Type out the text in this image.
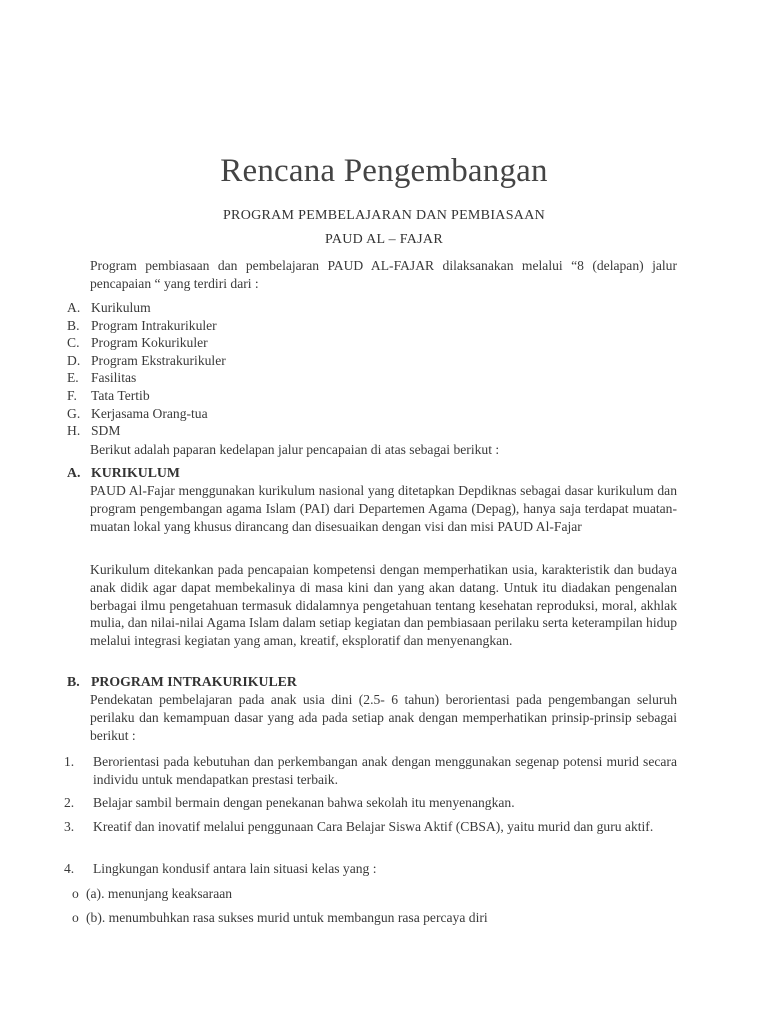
Rencana Pengembangan
PROGRAM PEMBELAJARAN DAN PEMBIASAAN
PAUD AL – FAJAR
Program pembiasaan dan pembelajaran PAUD AL-FAJAR dilaksanakan melalui “8 (delapan) jalur pencapaian “ yang terdiri dari :
A. Kurikulum
B. Program Intrakurikuler
C. Program Kokurikuler
D. Program Ekstrakurikuler
E. Fasilitas
F. Tata Tertib
G. Kerjasama Orang-tua
H. SDM
Berikut adalah paparan kedelapan jalur pencapaian di atas sebagai berikut :
A. KURIKULUM
PAUD Al-Fajar menggunakan kurikulum nasional yang ditetapkan Depdiknas sebagai dasar kurikulum dan program pengembangan agama Islam (PAI) dari Departemen Agama (Depag), hanya saja terdapat muatan-muatan lokal yang khusus dirancang dan disesuaikan dengan visi dan misi PAUD Al-Fajar
Kurikulum ditekankan pada pencapaian kompetensi dengan memperhatikan usia, karakteristik dan budaya anak didik agar dapat membekalinya di masa kini dan yang akan datang. Untuk itu diadakan pengenalan berbagai ilmu pengetahuan termasuk didalamnya pengetahuan tentang kesehatan reproduksi, moral, akhlak mulia, dan nilai-nilai Agama Islam dalam setiap kegiatan dan pembiasaan perilaku serta keterampilan hidup melalui integrasi kegiatan yang aman, kreatif, eksploratif dan menyenangkan.
B. PROGRAM INTRAKURIKULER
Pendekatan pembelajaran pada anak usia dini (2.5- 6 tahun) berorientasi pada pengembangan seluruh perilaku dan kemampuan dasar yang ada pada setiap anak dengan memperhatikan prinsip-prinsip sebagai berikut :
1. Berorientasi pada kebutuhan dan perkembangan anak dengan menggunakan segenap potensi murid secara individu untuk mendapatkan prestasi terbaik.
2. Belajar sambil bermain dengan penekanan bahwa sekolah itu menyenangkan.
3. Kreatif dan inovatif melalui penggunaan Cara Belajar Siswa Aktif (CBSA), yaitu murid dan guru aktif.
4. Lingkungan kondusif antara lain situasi kelas yang :
o (a). menunjang keaksaraan
o (b). menumbuhkan rasa sukses murid untuk membangun rasa percaya diri
